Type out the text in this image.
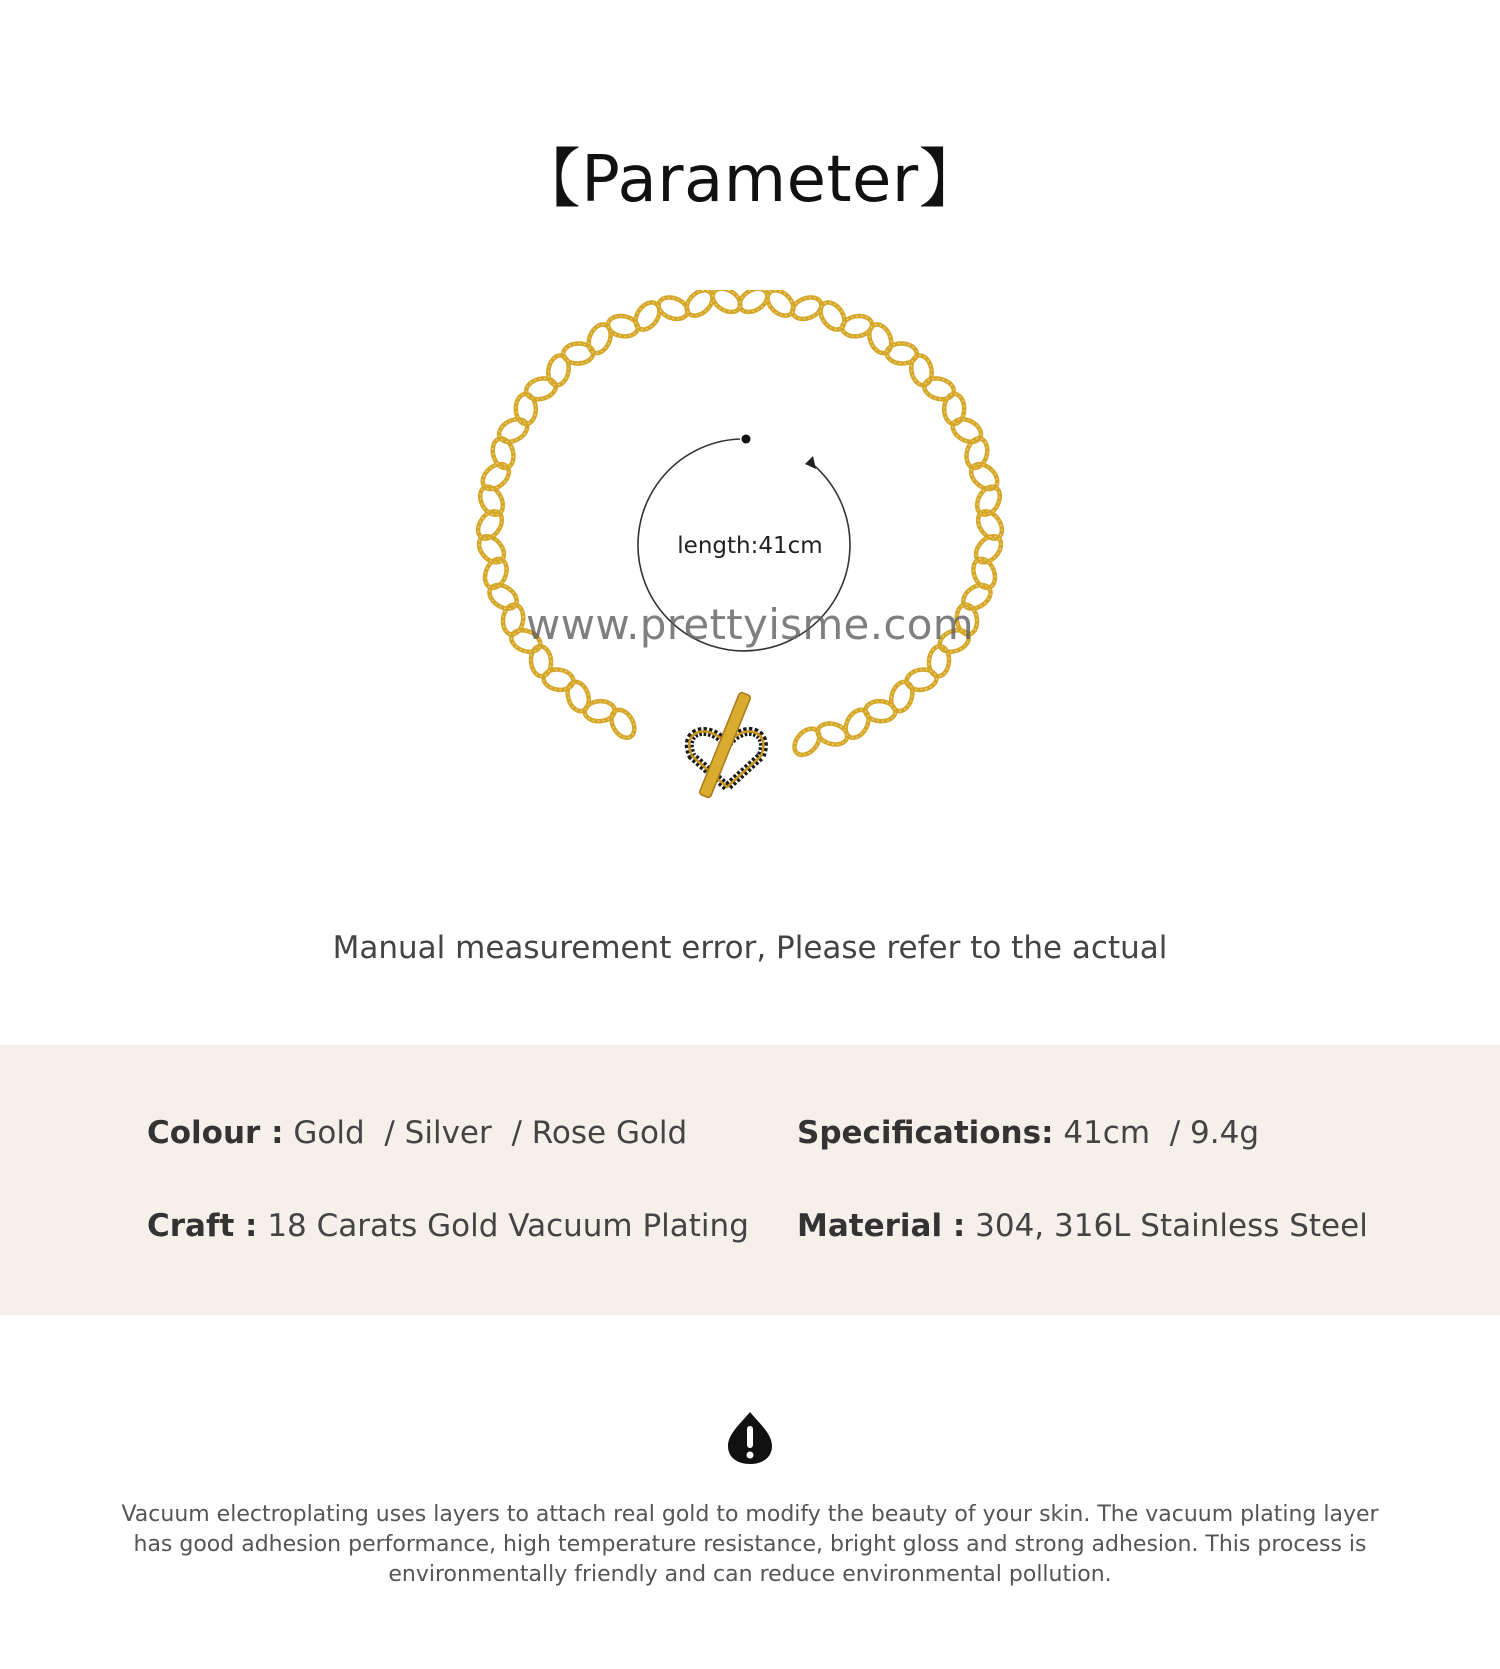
【Parameter】
length:41cm
www.prettyisme.com

Manual measurement error, Please refer to the actual

Colour : Gold  / Silver  / Rose Gold	Specifications: 41cm  / 9.4g
Craft : 18 Carats Gold Vacuum Plating Material : 304, 316L Stainless Steel

Vacuum electroplating uses layers to attach real gold to modify the beauty of your skin. The vacuum plating layer has good adhesion performance, high temperature resistance, bright gloss and strong adhesion. This process is environmentally friendly and can reduce environmental pollution.
